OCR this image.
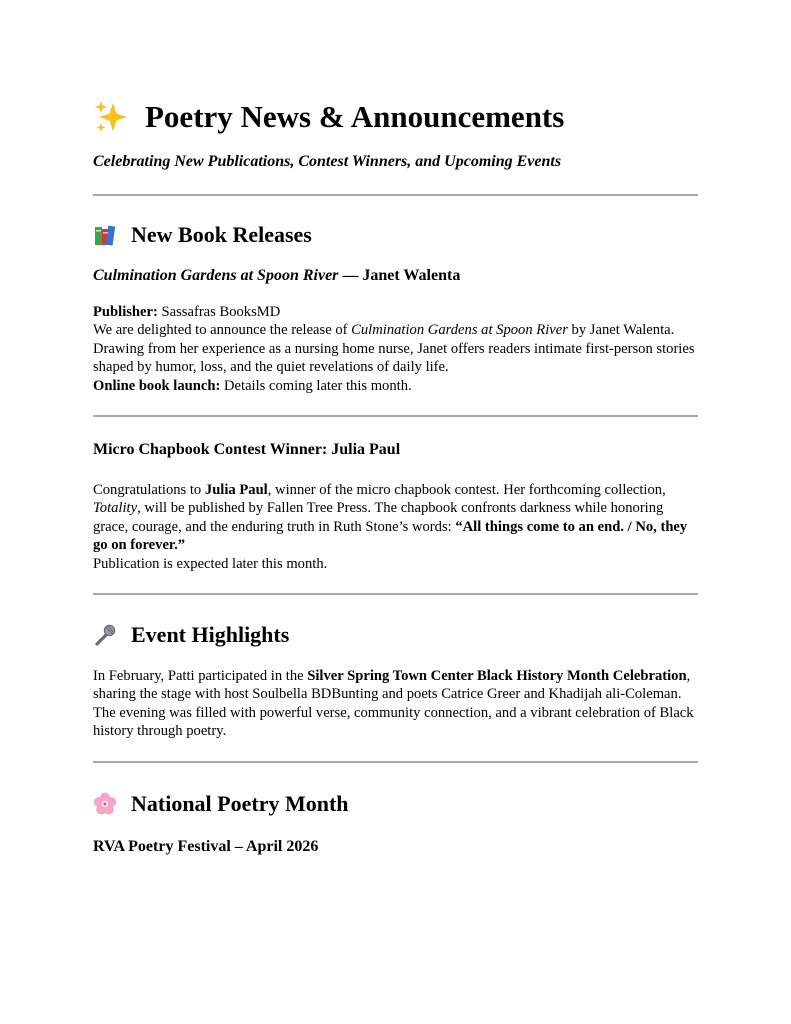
Poetry News & Announcements

Celebrating New Publications, Contest Winners, and Upcoming Events

New Book Releases

Culmination Gardens at Spoon River — Janet Walenta

Publisher: Sassafras BooksMD

We are delighted to announce the release of Culmination Gardens at Spoon River by Janet Walenta. Drawing from her experience as a nursing home nurse, Janet offers readers intimate first-person stories shaped by humor, loss, and the quiet revelations of daily life.

Online book launch: Details coming later this month.

Micro Chapbook Contest Winner: Julia Paul

Congratulations to Julia Paul, winner of the micro chapbook contest. Her forthcoming collection, Totality, will be published by Fallen Tree Press. The chapbook confronts darkness while honoring grace, courage, and the enduring truth in Ruth Stone’s words: “All things come to an end. / No, they go on forever.”

Publication is expected later this month.

Event Highlights

In February, Patti participated in the Silver Spring Town Center Black History Month Celebration, sharing the stage with host Soulbella BDBunting and poets Catrice Greer and Khadijah ali-Coleman.

The evening was filled with powerful verse, community connection, and a vibrant celebration of Black history through poetry.

National Poetry Month

RVA Poetry Festival – April 2026
